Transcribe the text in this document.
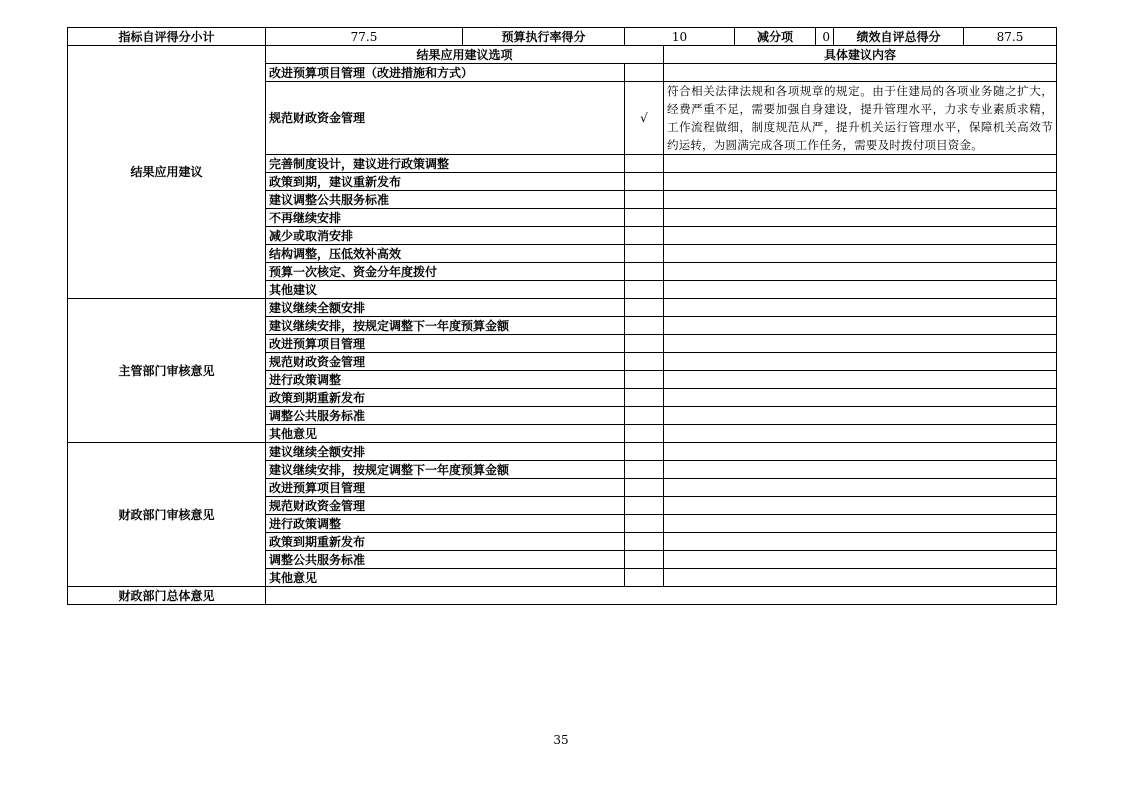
指标自评得分小计	77.5	预算执行率得分	10		减分项	0	绩效自评总得分	87.5
结果应用建议	结果应用建议选项			具体建议内容				
	改进预算项目管理（改进措施和方式）							
	规范财政资金管理		√	符合相关法律法规和各项规章的规定。由于住建局的各项业务随之扩大，经费严重不足，需要加强自身建设，提升管理水平，力求专业素质求精，工作流程做细，制度规范从严，提升机关运行管理水平，保障机关高效节约运转，为圆满完成各项工作任务，需要及时拨付项目资金。				
	完善制度设计，建议进行政策调整							
	政策到期，建议重新发布							
	建议调整公共服务标准							
	不再继续安排							
	减少或取消安排							
	结构调整，压低效补高效							
	预算一次核定、资金分年度拨付							
	其他建议							
主管部门审核意见	建议继续全额安排							
	建议继续安排，按规定调整下一年度预算金额							
	改进预算项目管理							
	规范财政资金管理							
	进行政策调整							
	政策到期重新发布							
	调整公共服务标准							
	其他意见							
财政部门审核意见	建议继续全额安排							
	建议继续安排，按规定调整下一年度预算金额							
	改进预算项目管理							
	规范财政资金管理							
	进行政策调整							
	政策到期重新发布							
	调整公共服务标准							
	其他意见							
财政部门总体意见								
35
